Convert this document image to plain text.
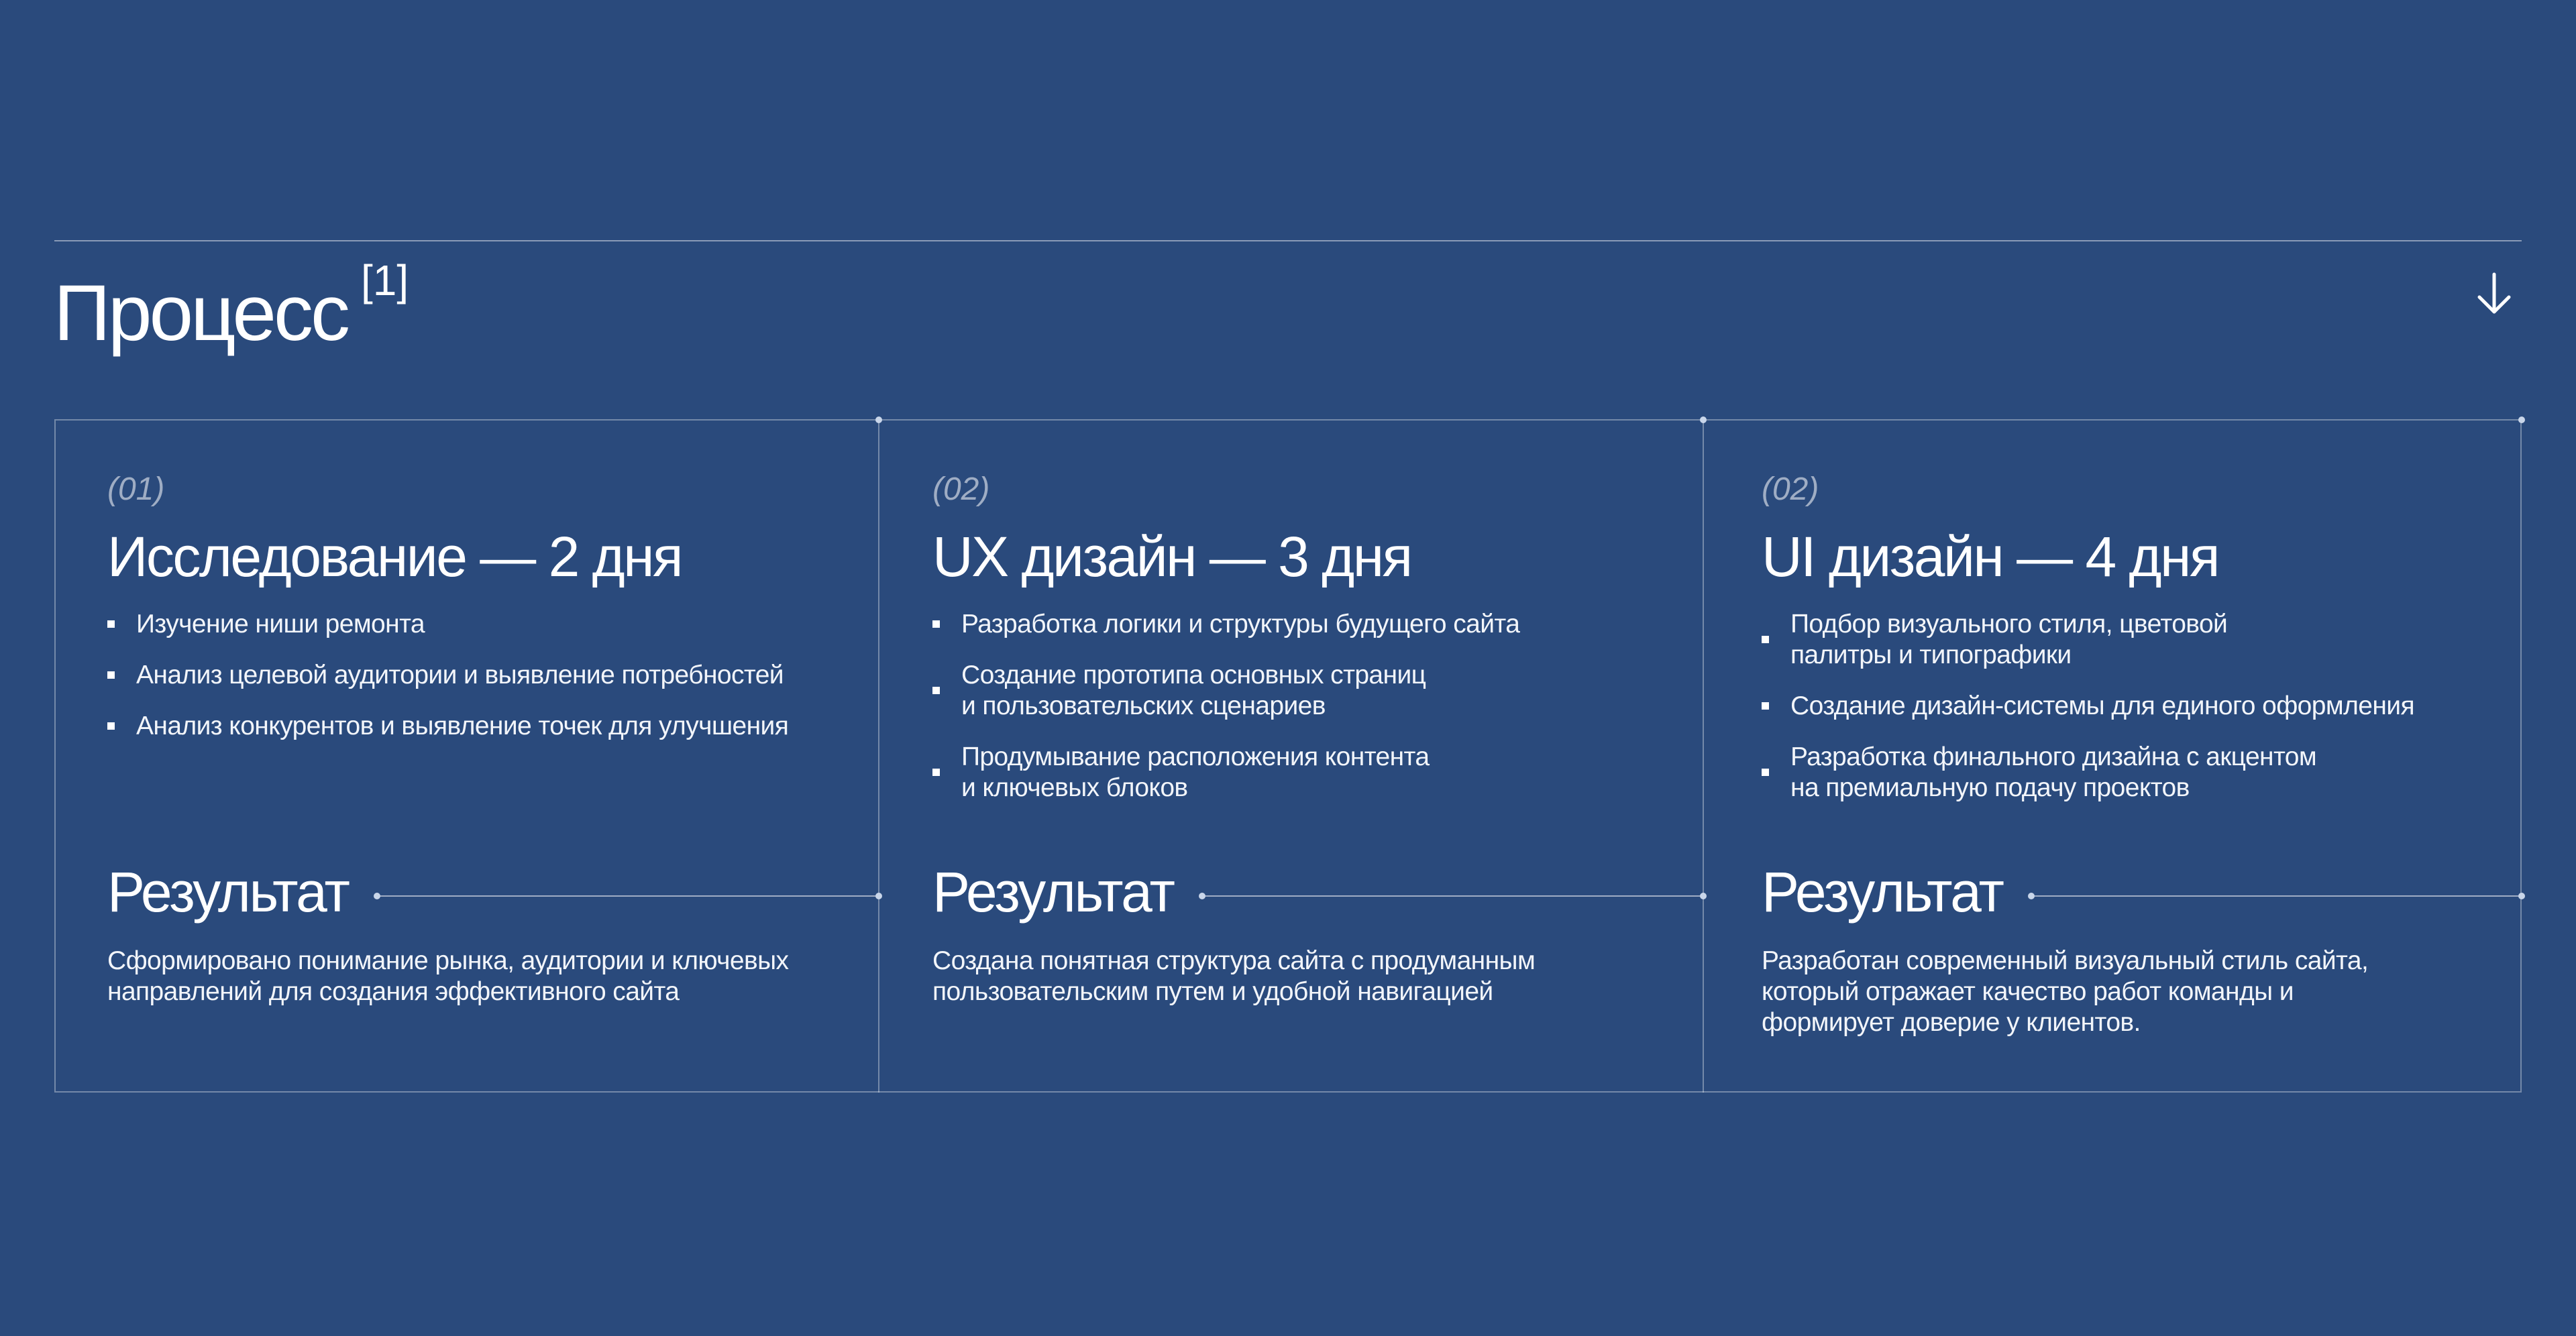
Процесс [1]
(01)
Исследование — 2 дня
Изучение ниши ремонта
Анализ целевой аудитории и выявление потребностей
Анализ конкурентов и выявление точек для улучшения
Результат
Сформировано понимание рынка, аудитории и ключевых
направлений для создания эффективного сайта
(02)
UX дизайн — 3 дня
Разработка логики и структуры будущего сайта
Создание прототипа основных страниц
и пользовательских сценариев
Продумывание расположения контента
и ключевых блоков
Результат
Создана понятная структура сайта с продуманным
пользовательским путем и удобной навигацией
(02)
UI дизайн — 4 дня
Подбор визуального стиля, цветовой
палитры и типографики
Создание дизайн-системы для единого оформления
Разработка финального дизайна с акцентом
на премиальную подачу проектов
Результат
Разработан современный визуальный стиль сайта,
который отражает качество работ команды и
формирует доверие у клиентов.
